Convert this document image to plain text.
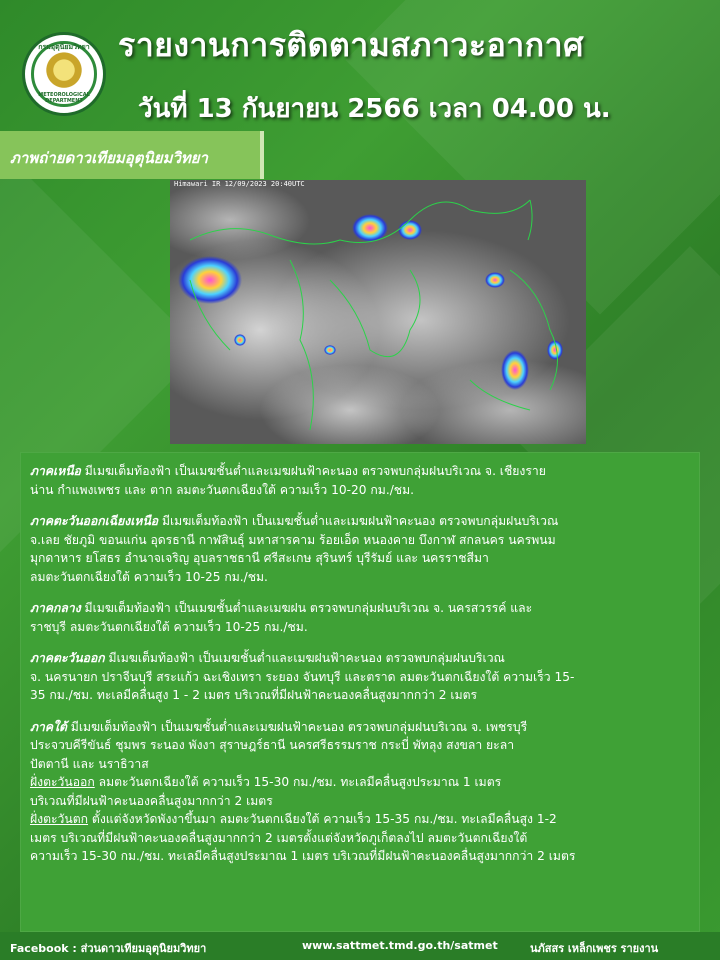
กรมอุตุนิยมวิทยา
METEOROLOGICAL DEPARTMENT
รายงานการติดตามสภาวะอากาศ
วันที่ 13 กันยายน 2566 เวลา 04.00 น.
ภาพถ่ายดาวเทียมอุตุนิยมวิทยา
Himawari IR 12/09/2023 20:40UTC
ภาคเหนือ มีเมฆเต็มท้องฟ้า เป็นเมฆชั้นต่ำและเมฆฝนฟ้าคะนอง ตรวจพบกลุ่มฝนบริเวณ จ. เชียงราย
น่าน กำแพงเพชร และ ตาก ลมตะวันตกเฉียงใต้ ความเร็ว 10-20 กม./ชม.
ภาคตะวันออกเฉียงเหนือ มีเมฆเต็มท้องฟ้า เป็นเมฆชั้นต่ำและเมฆฝนฟ้าคะนอง ตรวจพบกลุ่มฝนบริเวณ
จ.เลย ชัยภูมิ ขอนแก่น อุดรธานี กาฬสินธุ์ มหาสารคาม ร้อยเอ็ด หนองคาย บึงกาฬ สกลนคร นครพนม
มุกดาหาร ยโสธร อำนาจเจริญ อุบลราชธานี ศรีสะเกษ สุรินทร์ บุรีรัมย์ และ นครราชสีมา
ลมตะวันตกเฉียงใต้ ความเร็ว 10-25 กม./ชม.
ภาคกลาง มีเมฆเต็มท้องฟ้า เป็นเมฆชั้นต่ำและเมฆฝน ตรวจพบกลุ่มฝนบริเวณ จ. นครสวรรค์ และ
ราชบุรี ลมตะวันตกเฉียงใต้ ความเร็ว 10-25 กม./ชม.
ภาคตะวันออก มีเมฆเต็มท้องฟ้า เป็นเมฆชั้นต่ำและเมฆฝนฟ้าคะนอง ตรวจพบกลุ่มฝนบริเวณ
จ. นครนายก ปราจีนบุรี สระแก้ว ฉะเชิงเทรา ระยอง จันทบุรี และตราด ลมตะวันตกเฉียงใต้ ความเร็ว 15-
35 กม./ชม. ทะเลมีคลื่นสูง 1 - 2 เมตร บริเวณที่มีฝนฟ้าคะนองคลื่นสูงมากกว่า 2 เมตร
ภาคใต้ มีเมฆเต็มท้องฟ้า เป็นเมฆชั้นต่ำและเมฆฝนฟ้าคะนอง ตรวจพบกลุ่มฝนบริเวณ จ. เพชรบุรี
ประจวบคีรีขันธ์ ชุมพร ระนอง พังงา สุราษฎร์ธานี นครศรีธรรมราช กระบี่ พัทลุง สงขลา ยะลา
ปัตตานี และ นราธิวาส
ฝั่งตะวันออก ลมตะวันตกเฉียงใต้ ความเร็ว 15-30 กม./ชม. ทะเลมีคลื่นสูงประมาณ 1 เมตร
บริเวณที่มีฝนฟ้าคะนองคลื่นสูงมากกว่า 2 เมตร
ฝั่งตะวันตก ตั้งแต่จังหวัดพังงาขึ้นมา ลมตะวันตกเฉียงใต้ ความเร็ว 15-35 กม./ชม. ทะเลมีคลื่นสูง 1-2
เมตร บริเวณที่มีฝนฟ้าคะนองคลื่นสูงมากกว่า 2 เมตรตั้งแต่จังหวัดภูเก็ตลงไป ลมตะวันตกเฉียงใต้
ความเร็ว 15-30 กม./ชม. ทะเลมีคลื่นสูงประมาณ 1 เมตร บริเวณที่มีฝนฟ้าคะนองคลื่นสูงมากกว่า 2 เมตร
Facebook : ส่วนดาวเทียมอุตุนิยมวิทยา	www.sattmet.tmd.go.th/satmet	นภัสสร เหล็กเพชร รายงาน
